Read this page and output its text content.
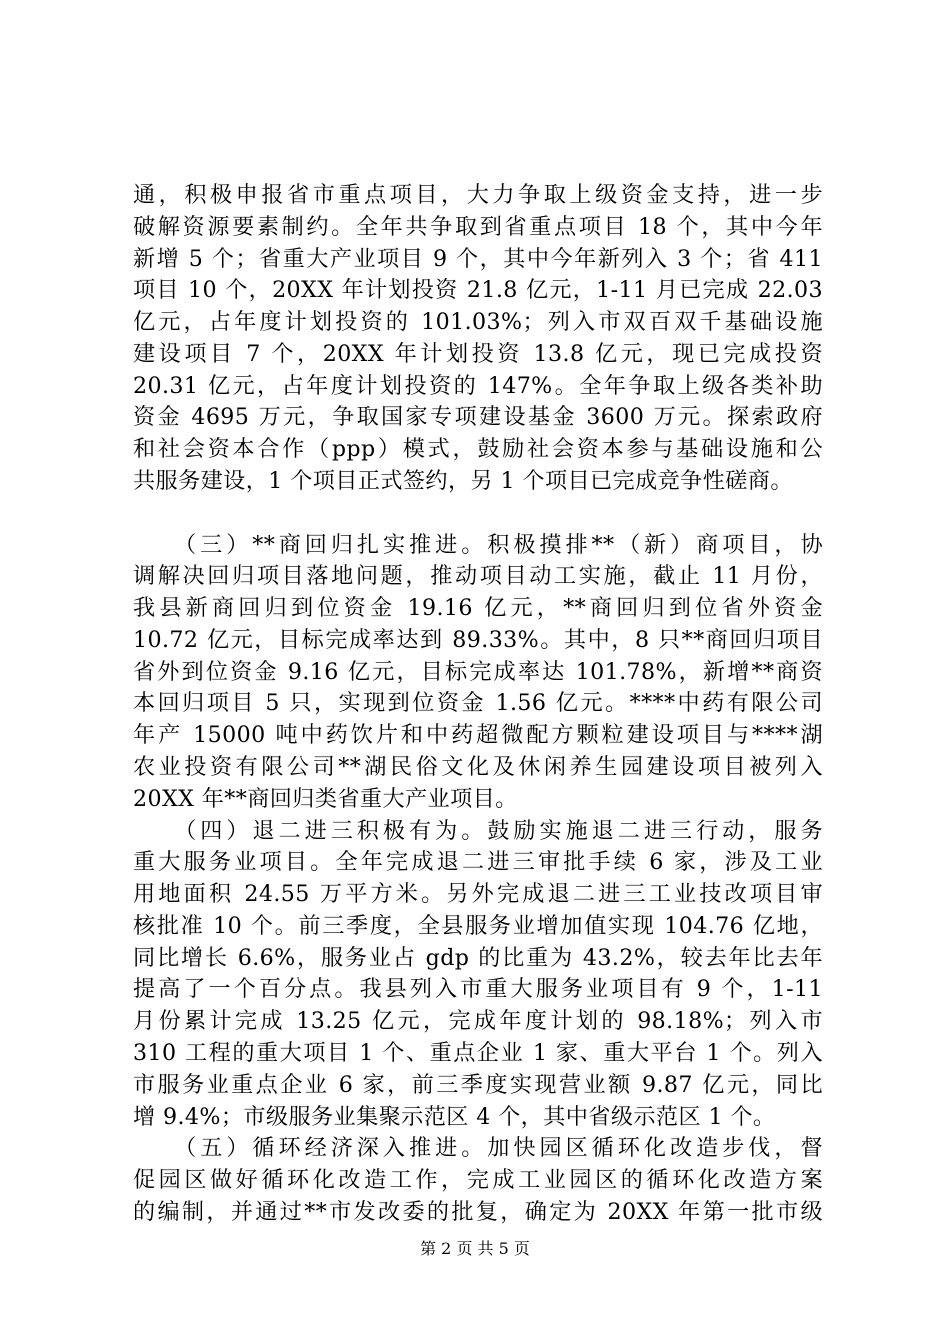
通，积极申报省市重点项目，大力争取上级资金支持，进一步
破解资源要素制约。全年共争取到省重点项目 18 个，其中今年
新增 5 个；省重大产业项目 9 个，其中今年新列入 3 个；省 411
项目 10 个，20XX 年计划投资 21.8 亿元，1-11 月已完成 22.03
亿元，占年度计划投资的 101.03%；列入市双百双千基础设施
建设项目 7 个，20XX 年计划投资 13.8 亿元，现已完成投资
20.31 亿元，占年度计划投资的 147%。全年争取上级各类补助
资金 4695 万元，争取国家专项建设基金 3600 万元。探索政府
和社会资本合作（ppp）模式，鼓励社会资本参与基础设施和公
共服务建设，1 个项目正式签约，另 1 个项目已完成竞争性磋商。
　　（三）**商回归扎实推进。积极摸排**（新）商项目，协
调解决回归项目落地问题，推动项目动工实施，截止 11 月份，
我县新商回归到位资金 19.16 亿元，**商回归到位省外资金
10.72 亿元，目标完成率达到 89.33%。其中，8 只**商回归项目
省外到位资金 9.16 亿元，目标完成率达 101.78%，新增**商资
本回归项目 5 只，实现到位资金 1.56 亿元。****中药有限公司
年产 15000 吨中药饮片和中药超微配方颗粒建设项目与****湖
农业投资有限公司**湖民俗文化及休闲养生园建设项目被列入
20XX 年**商回归类省重大产业项目。
　　（四）退二进三积极有为。鼓励实施退二进三行动，服务
重大服务业项目。全年完成退二进三审批手续 6 家，涉及工业
用地面积 24.55 万平方米。另外完成退二进三工业技改项目审
核批准 10 个。前三季度，全县服务业增加值实现 104.76 亿地，
同比增长 6.6%，服务业占 gdp 的比重为 43.2%，较去年比去年
提高了一个百分点。我县列入市重大服务业项目有 9 个，1-11
月份累计完成 13.25 亿元，完成年度计划的 98.18%；列入市
310 工程的重大项目 1 个、重点企业 1 家、重大平台 1 个。列入
市服务业重点企业 6 家，前三季度实现营业额 9.87 亿元，同比
增 9.4%；市级服务业集聚示范区 4 个，其中省级示范区 1 个。
促园区做好循环化改造工作，完成工业园区的循环化改造方案
的编制，并通过**市发改委的批复，确定为 20XX 年第一批市级
　　（五）循环经济深入推进。加快园区循环化改造步伐，督
第 2 页 共 5 页
